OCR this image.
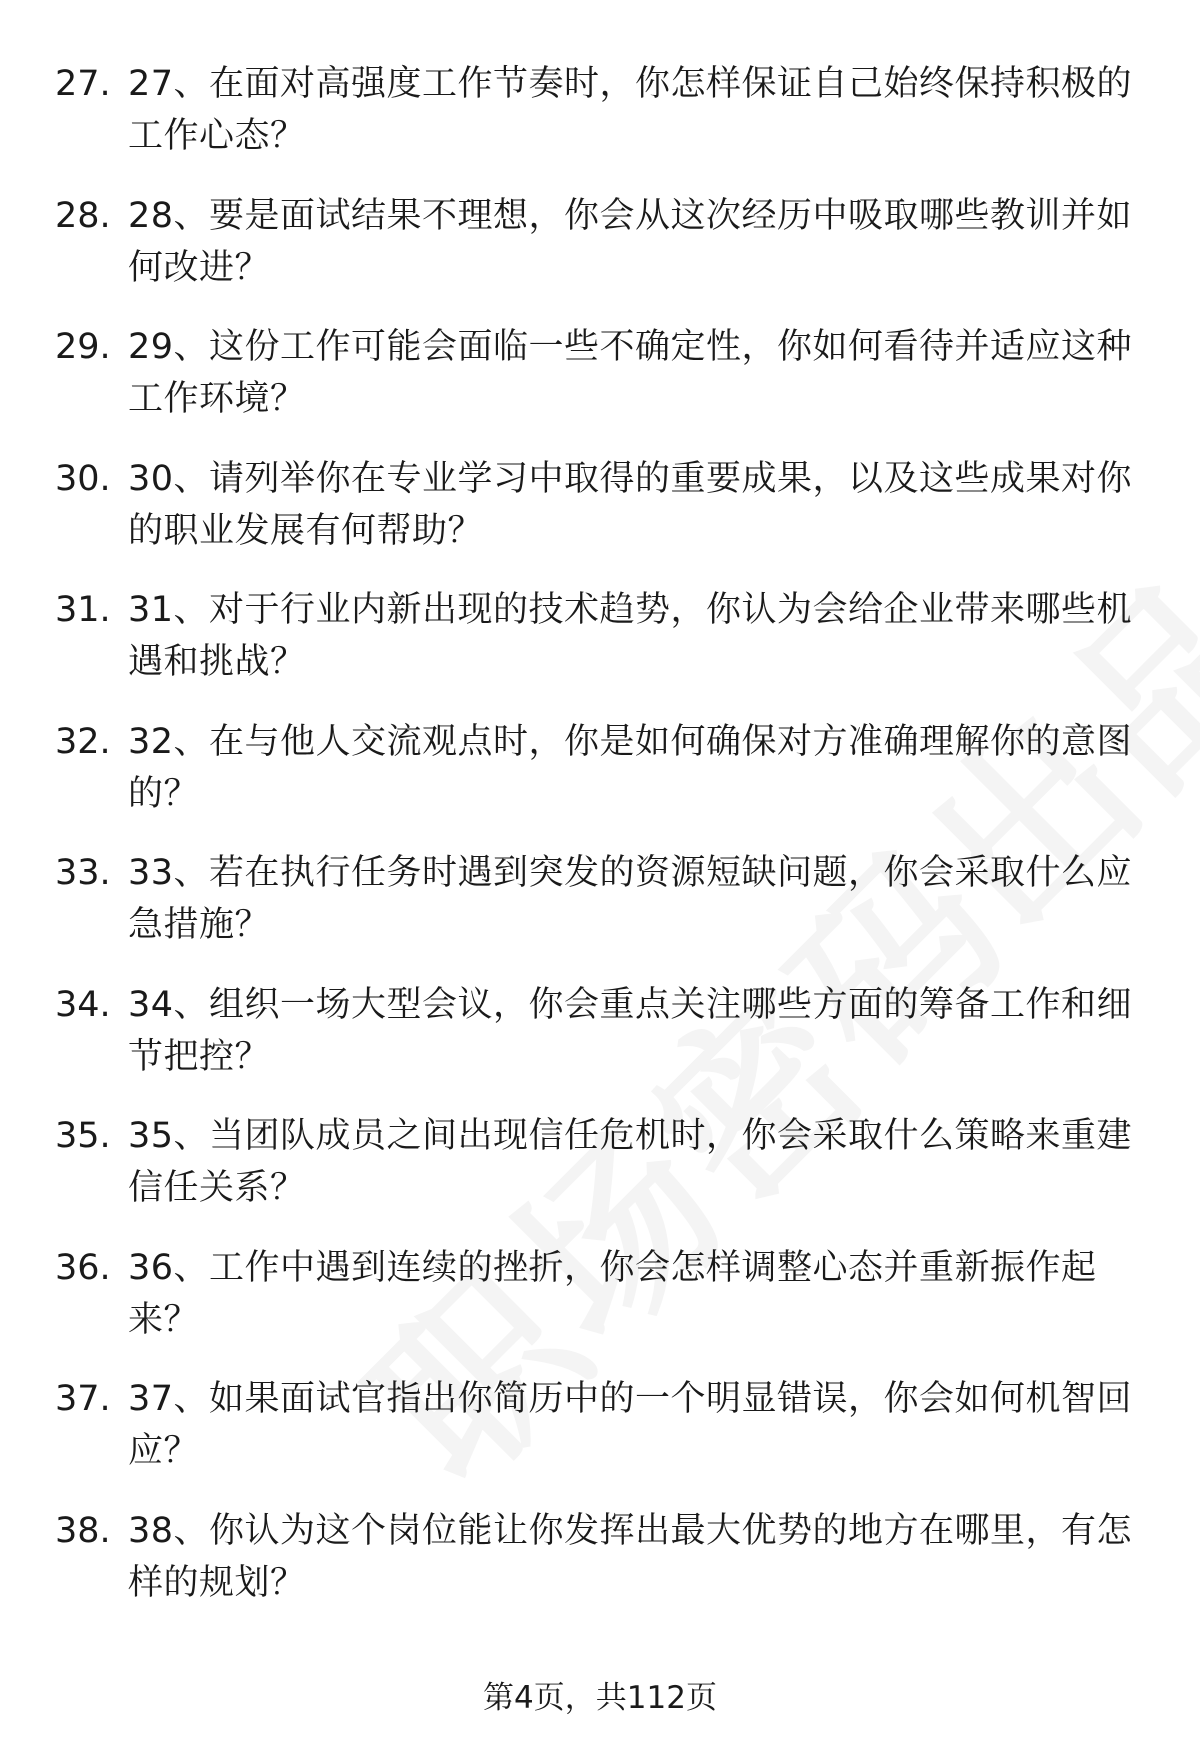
27. 27、在面对高强度工作节奏时，你怎样保证自己始终保持积极的工作心态？
28. 28、要是面试结果不理想，你会从这次经历中吸取哪些教训并如何改进？
29. 29、这份工作可能会面临一些不确定性，你如何看待并适应这种工作环境？
30. 30、请列举你在专业学习中取得的重要成果，以及这些成果对你的职业发展有何帮助？
31. 31、对于行业内新出现的技术趋势，你认为会给企业带来哪些机遇和挑战？
32. 32、在与他人交流观点时，你是如何确保对方准确理解你的意图的？
33. 33、若在执行任务时遇到突发的资源短缺问题，你会采取什么应急措施？
34. 34、组织一场大型会议，你会重点关注哪些方面的筹备工作和细节把控？
35. 35、当团队成员之间出现信任危机时，你会采取什么策略来重建信任关系？
36. 36、工作中遇到连续的挫折，你会怎样调整心态并重新振作起来？
37. 37、如果面试官指出你简历中的一个明显错误，你会如何机智回应？
38. 38、你认为这个岗位能让你发挥出最大优势的地方在哪里，有怎样的规划？
第4页，共112页
